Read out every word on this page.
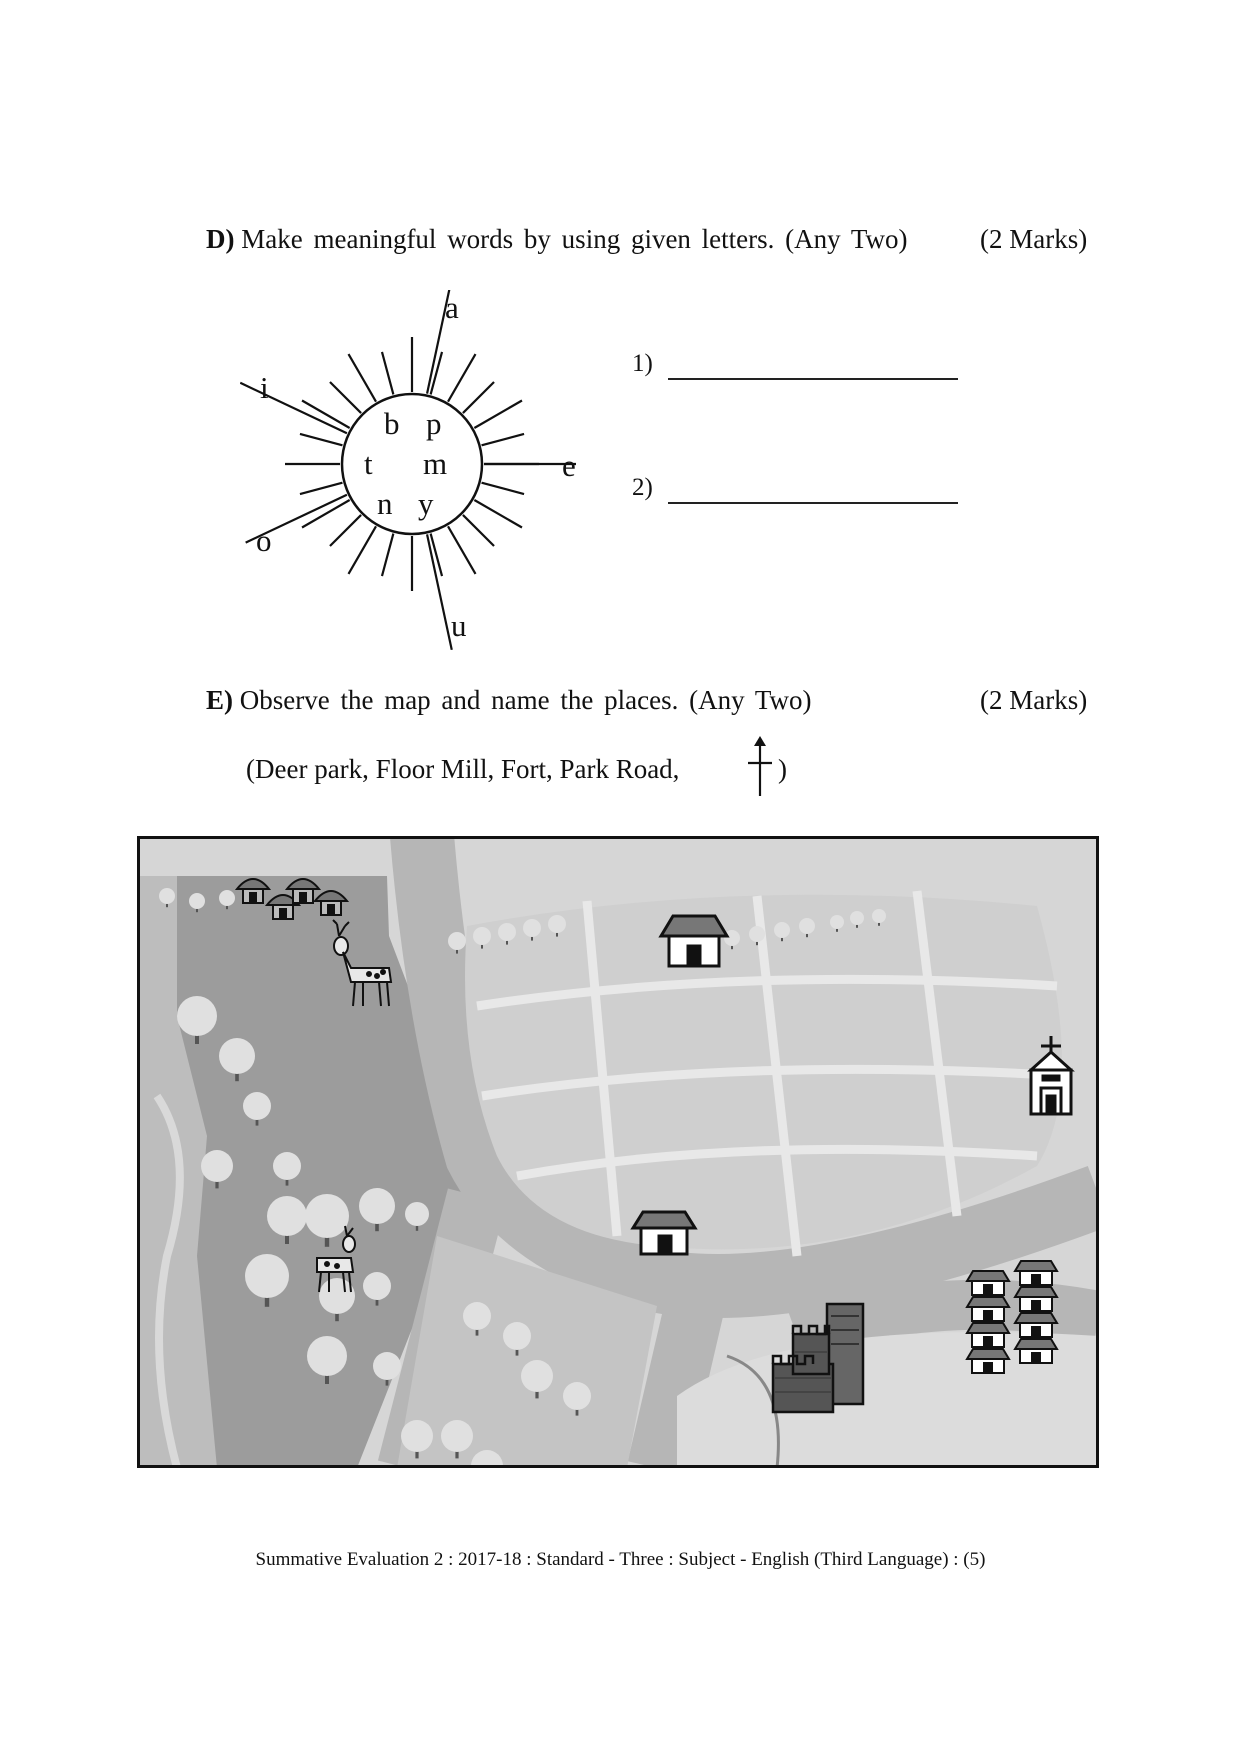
D) Make meaningful words by using given letters. (Any Two)	(2 Marks)
a
e
u
o
i
b p
t m
n y
1)
2)
E) Observe the map and name the places. (Any Two)	(2 Marks)
(Deer park, Floor Mill, Fort, Park Road,	)
Summative Evaluation 2 : 2017-18 : Standard - Three : Subject - English (Third Language) : (5)
